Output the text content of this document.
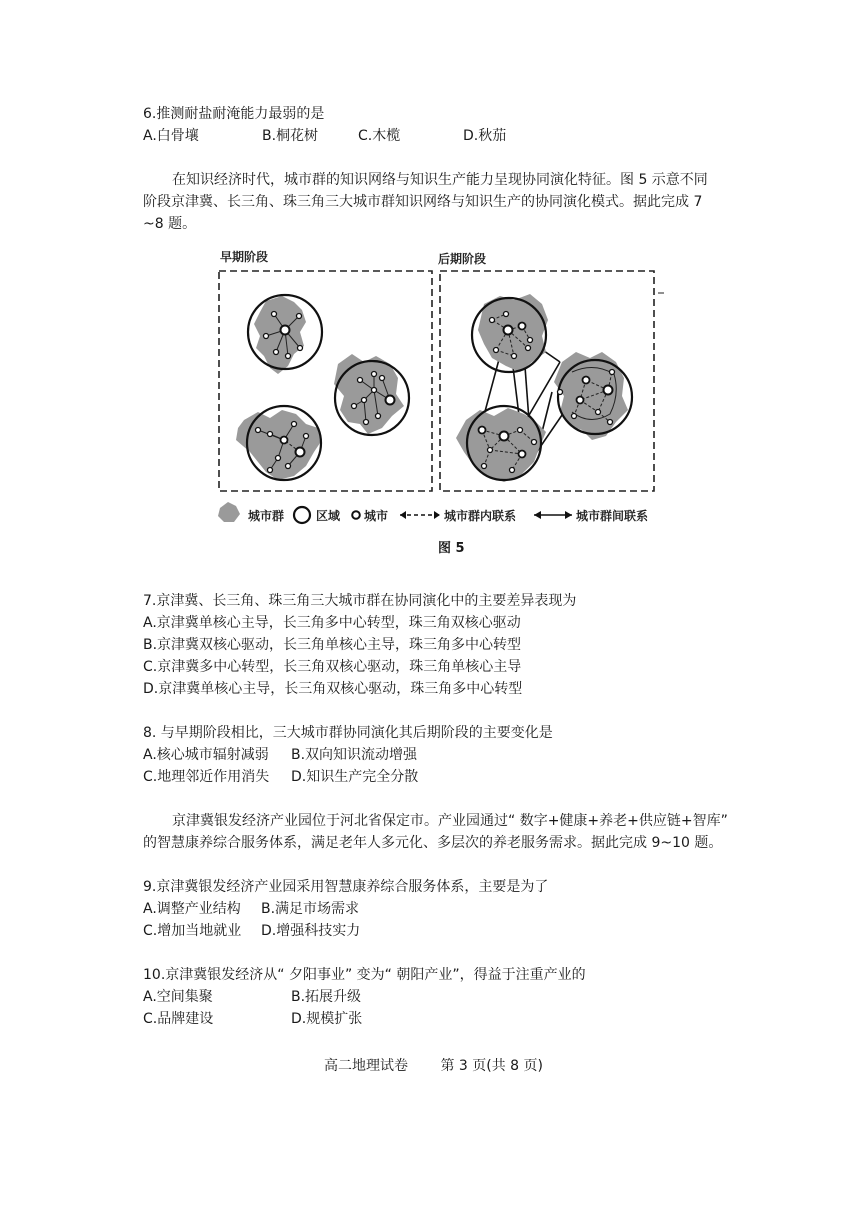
6.推测耐盐耐淹能力最弱的是
A.白骨壤	B.桐花树	C.木榄	D.秋茄
在知识经济时代，城市群的知识网络与知识生产能力呈现协同演化特征。图 5 示意不同
阶段京津冀、长三角、珠三角三大城市群知识网络与知识生产的协同演化模式。据此完成 7
~8 题。
早期阶段	后期阶段
城市群	区域 城市	城市群内联系	城市群间联系
图 5
7.京津冀、长三角、珠三角三大城市群在协同演化中的主要差异表现为
A.京津冀单核心主导，长三角多中心转型，珠三角双核心驱动
B.京津冀双核心驱动，长三角单核心主导，珠三角多中心转型
C.京津冀多中心转型，长三角双核心驱动，珠三角单核心主导
D.京津冀单核心主导，长三角双核心驱动，珠三角多中心转型
8. 与早期阶段相比，三大城市群协同演化其后期阶段的主要变化是
A.核心城市辐射减弱 B.双向知识流动增强
C.地理邻近作用消失 D.知识生产完全分散
京津冀银发经济产业园位于河北省保定市。产业园通过“ 数字+健康+养老+供应链+智库”
的智慧康养综合服务体系，满足老年人多元化、多层次的养老服务需求。据此完成 9~10 题。
9.京津冀银发经济产业园采用智慧康养综合服务体系，主要是为了
A.调整产业结构 B.满足市场需求
C.增加当地就业 D.增强科技实力
10.京津冀银发经济从“ 夕阳事业” 变为“ 朝阳产业”，得益于注重产业的
A.空间集聚	B.拓展升级
C.品牌建设	D.规模扩张
高二地理试卷 第 3 页(共 8 页)
